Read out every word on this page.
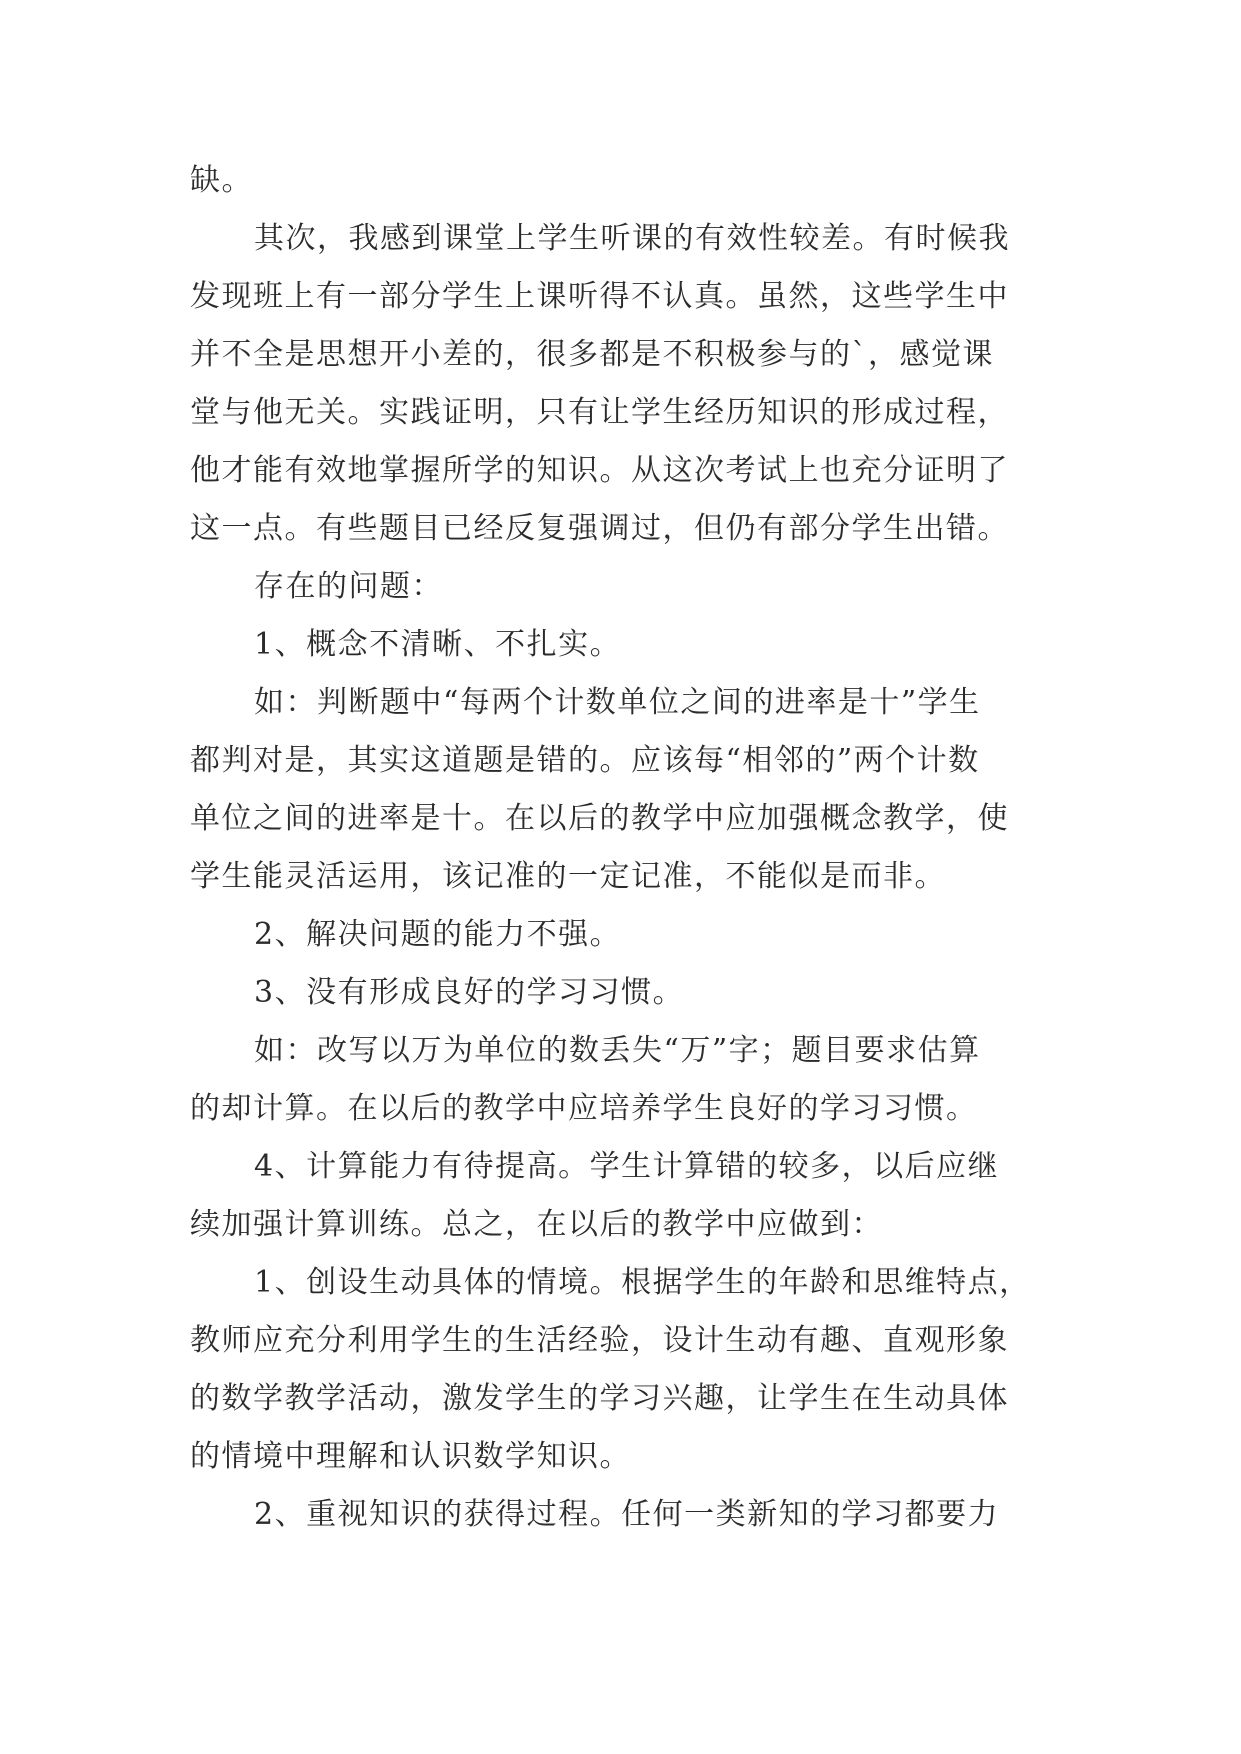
缺。
其次，我感到课堂上学生听课的有效性较差。有时候我
发现班上有一部分学生上课听得不认真。虽然，这些学生中
并不全是思想开小差的，很多都是不积极参与的`，感觉课
堂与他无关。实践证明，只有让学生经历知识的形成过程，
他才能有效地掌握所学的知识。从这次考试上也充分证明了
这一点。有些题目已经反复强调过，但仍有部分学生出错。
存在的问题：
1、概念不清晰、不扎实。
如：判断题中“每两个计数单位之间的进率是十”学生
都判对是，其实这道题是错的。应该每“相邻的”两个计数
单位之间的进率是十。在以后的教学中应加强概念教学，使
学生能灵活运用，该记准的一定记准，不能似是而非。
2、解决问题的能力不强。
3、没有形成良好的学习习惯。
如：改写以万为单位的数丢失“万”字；题目要求估算
的却计算。在以后的教学中应培养学生良好的学习习惯。
4、计算能力有待提高。学生计算错的较多，以后应继
续加强计算训练。总之，在以后的教学中应做到：
1、创设生动具体的情境。根据学生的年龄和思维特点，
教师应充分利用学生的生活经验，设计生动有趣、直观形象
的数学教学活动，激发学生的学习兴趣，让学生在生动具体
的情境中理解和认识数学知识。
2、重视知识的获得过程。任何一类新知的学习都要力
